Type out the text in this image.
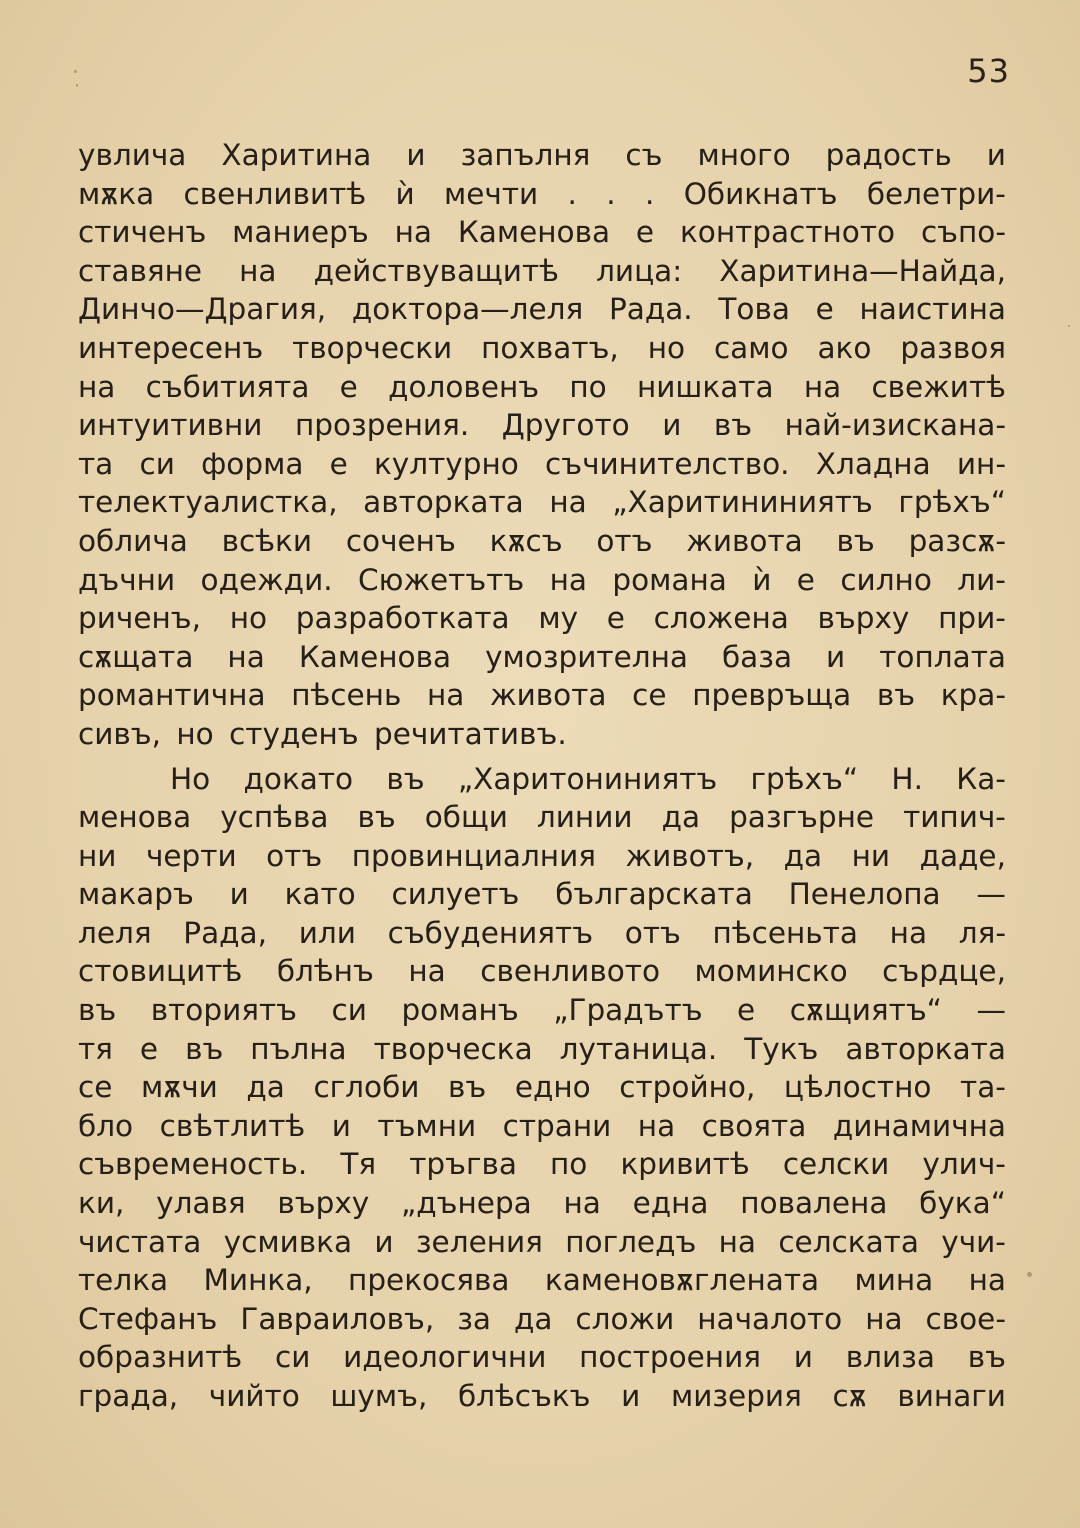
53
увлича Харитина и запълня съ много радость и
мѫка свенливитѣ ѝ мечти . . . Обикнатъ белетри-
стиченъ маниеръ на Каменова е контрастното съпо-
ставяне на действуващитѣ лица: Харитина—Найда,
Динчо—Драгия, доктора—леля Рада. Това е наистина
интересенъ творчески похватъ, но само ако развоя
на събитията е доловенъ по нишката на свежитѣ
интуитивни прозрения. Другото и въ най-изискана-
та си форма е културно съчинителство. Хладна ин-
телектуалистка, авторката на „Харитининиятъ грѣхъ“
облича всѣки соченъ кѫсъ отъ живота въ разсѫ-
дъчни одежди. Сюжетътъ на романа ѝ е силно ли-
риченъ, но разработката му е сложена върху при-
сѫщата на Каменова умозрителна база и топлата
романтична пѣсень на живота се превръща въ кра-
сивъ, но студенъ речитативъ.
Но докато въ „Харитониниятъ грѣхъ“ Н. Ка-
менова успѣва въ общи линии да разгърне типич-
ни черти отъ провинциалния животъ, да ни даде,
макаръ и като силуетъ българската Пенелопа —
леля Рада, или събудениятъ отъ пѣсеньта на ля-
стовицитѣ блѣнъ на свенливото моминско сърдце,
въ вториятъ си романъ „Градътъ е сѫщиятъ“ —
тя е въ пълна творческа лутаница. Тукъ авторката
се мѫчи да сглоби въ едно стройно, цѣлостно та-
бло свѣтлитѣ и тъмни страни на своята динамична
съвременость. Тя тръгва по кривитѣ селски улич-
ки, улавя върху „дънера на една повалена бука“
чистата усмивка и зеления погледъ на селската учи-
телка Минка, прекосява каменовѫглената мина на
Стефанъ Гавраиловъ, за да сложи началото на свое-
образнитѣ си идеологични построения и влиза въ
града, чийто шумъ, блѣсъкъ и мизерия сѫ винаги
